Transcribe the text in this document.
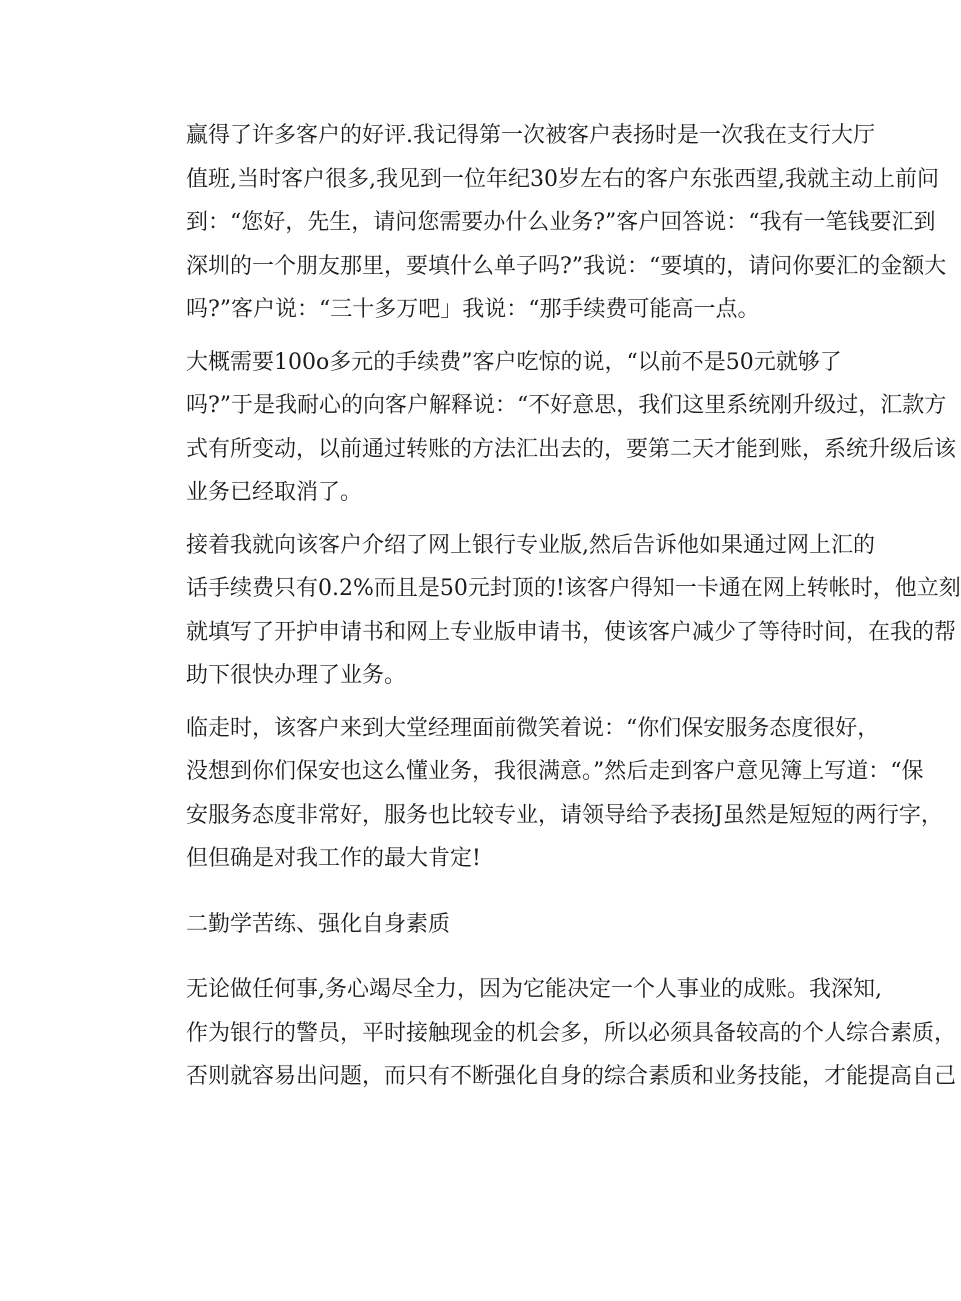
赢得了许多客户的好评.我记得第一次被客户表扬时是一次我在支行大厅
值班,当时客户很多,我见到一位年纪30岁左右的客户东张西望,我就主动上前问
到：“您好，先生，请问您需要办什么业务?”客户回答说：“我有一笔钱要汇到
深圳的一个朋友那里，要填什么单子吗?”我说：“要填的，请问你要汇的金额大
吗?”客户说：“三十多万吧」我说：“那手续费可能高一点。

大概需要100o多元的手续费”客户吃惊的说，“以前不是50元就够了
吗?”于是我耐心的向客户解释说：“不好意思，我们这里系统刚升级过，汇款方
式有所变动，以前通过转账的方法汇出去的，要第二天才能到账，系统升级后该
业务已经取消了。

接着我就向该客户介绍了网上银行专业版,然后告诉他如果通过网上汇的
话手续费只有0.2%而且是50元封顶的!该客户得知一卡通在网上转帐时，他立刻
就填写了开护申请书和网上专业版申请书，使该客户减少了等待时间，在我的帮
助下很快办理了业务。

临走时，该客户来到大堂经理面前微笑着说：“你们保安服务态度很好，
没想到你们保安也这么懂业务，我很满意。”然后走到客户意见簿上写道：“保
安服务态度非常好，服务也比较专业，请领导给予表扬J虽然是短短的两行字，
但但确是对我工作的最大肯定!

二勤学苦练、强化自身素质

无论做任何事,务心竭尽全力，因为它能决定一个人事业的成账。我深知,
作为银行的警员，平时接触现金的机会多，所以必须具备较高的个人综合素质，
否则就容易出问题，而只有不断强化自身的综合素质和业务技能，才能提高自己
